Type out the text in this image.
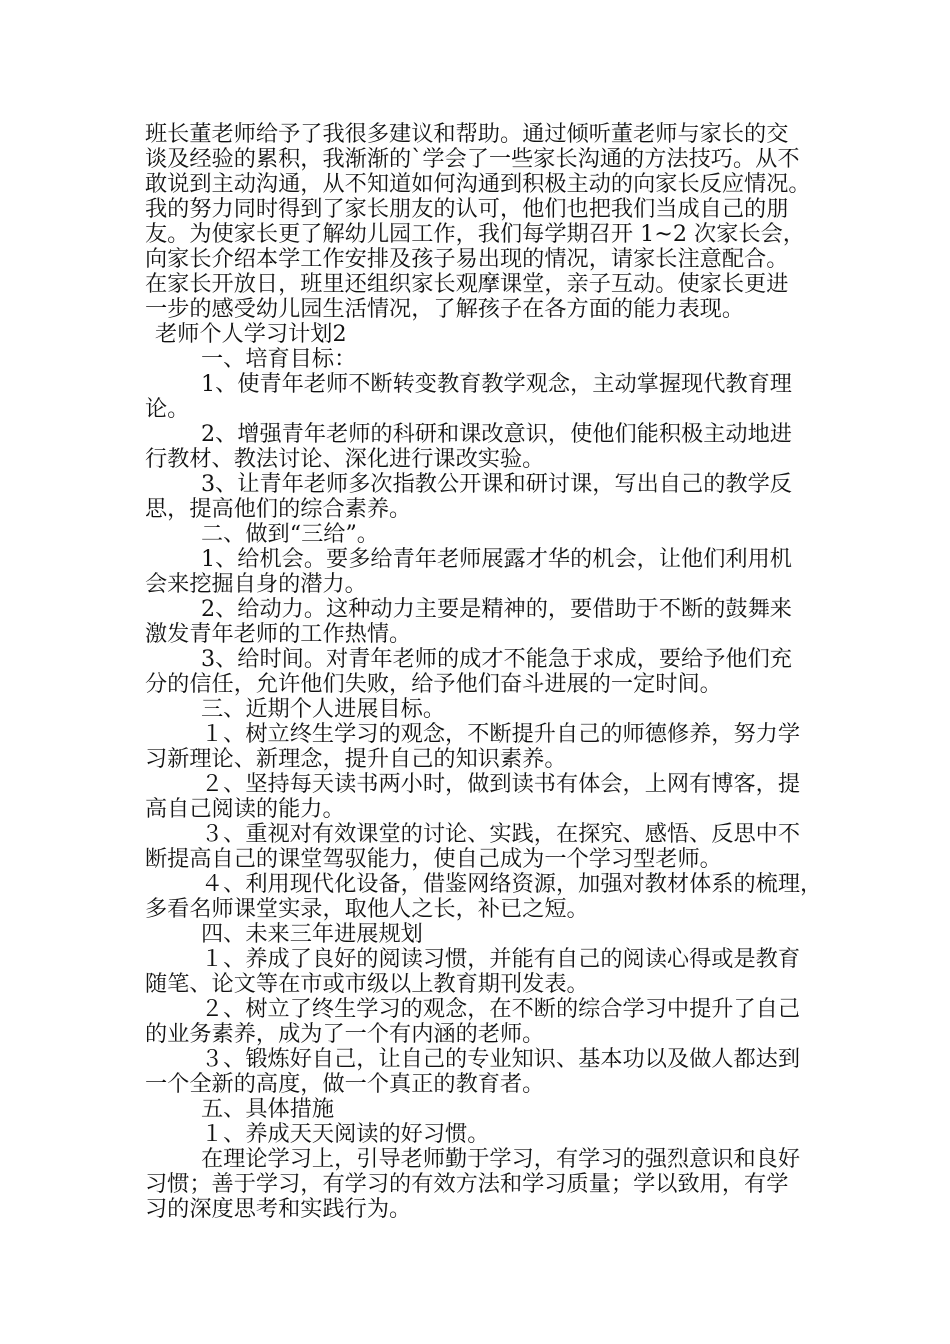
班长董老师给予了我很多建议和帮助。通过倾听董老师与家长的交
谈及经验的累积，我渐渐的`学会了一些家长沟通的方法技巧。从不
敢说到主动沟通，从不知道如何沟通到积极主动的向家长反应情况。
我的努力同时得到了家长朋友的认可，他们也把我们当成自己的朋
友。为使家长更了解幼儿园工作，我们每学期召开 1~2 次家长会，
向家长介绍本学工作安排及孩子易出现的情况，请家长注意配合。
在家长开放日，班里还组织家长观摩课堂，亲子互动。使家长更进
一步的感受幼儿园生活情况，了解孩子在各方面的能力表现。
老师个人学习计划2
一、培育目标：
1、使青年老师不断转变教育教学观念，主动掌握现代教育理
论。
2、增强青年老师的科研和课改意识，使他们能积极主动地进
行教材、教法讨论、深化进行课改实验。
3、让青年老师多次指教公开课和研讨课，写出自己的教学反
思，提高他们的综合素养。
二、做到“三给”。
1、给机会。要多给青年老师展露才华的机会，让他们利用机
会来挖掘自身的潜力。
2、给动力。这种动力主要是精神的，要借助于不断的鼓舞来
激发青年老师的工作热情。
3、给时间。对青年老师的成才不能急于求成，要给予他们充
分的信任，允许他们失败，给予他们奋斗进展的一定时间。
三、近期个人进展目标。
１、树立终生学习的观念，不断提升自己的师德修养，努力学
习新理论、新理念，提升自己的知识素养。
２、坚持每天读书两小时，做到读书有体会，上网有博客，提
高自己阅读的能力。
３、重视对有效课堂的讨论、实践，在探究、感悟、反思中不
断提高自己的课堂驾驭能力，使自己成为一个学习型老师。
４、利用现代化设备，借鉴网络资源，加强对教材体系的梳理，
多看名师课堂实录，取他人之长，补已之短。
四、未来三年进展规划
１、养成了良好的阅读习惯，并能有自己的阅读心得或是教育
随笔、论文等在市或市级以上教育期刊发表。
２、树立了终生学习的观念，在不断的综合学习中提升了自己
的业务素养，成为了一个有内涵的老师。
３、锻炼好自己，让自己的专业知识、基本功以及做人都达到
一个全新的高度，做一个真正的教育者。
五、具体措施
１、养成天天阅读的好习惯。
在理论学习上，引导老师勤于学习，有学习的强烈意识和良好
习惯；善于学习，有学习的有效方法和学习质量；学以致用，有学
习的深度思考和实践行为。
